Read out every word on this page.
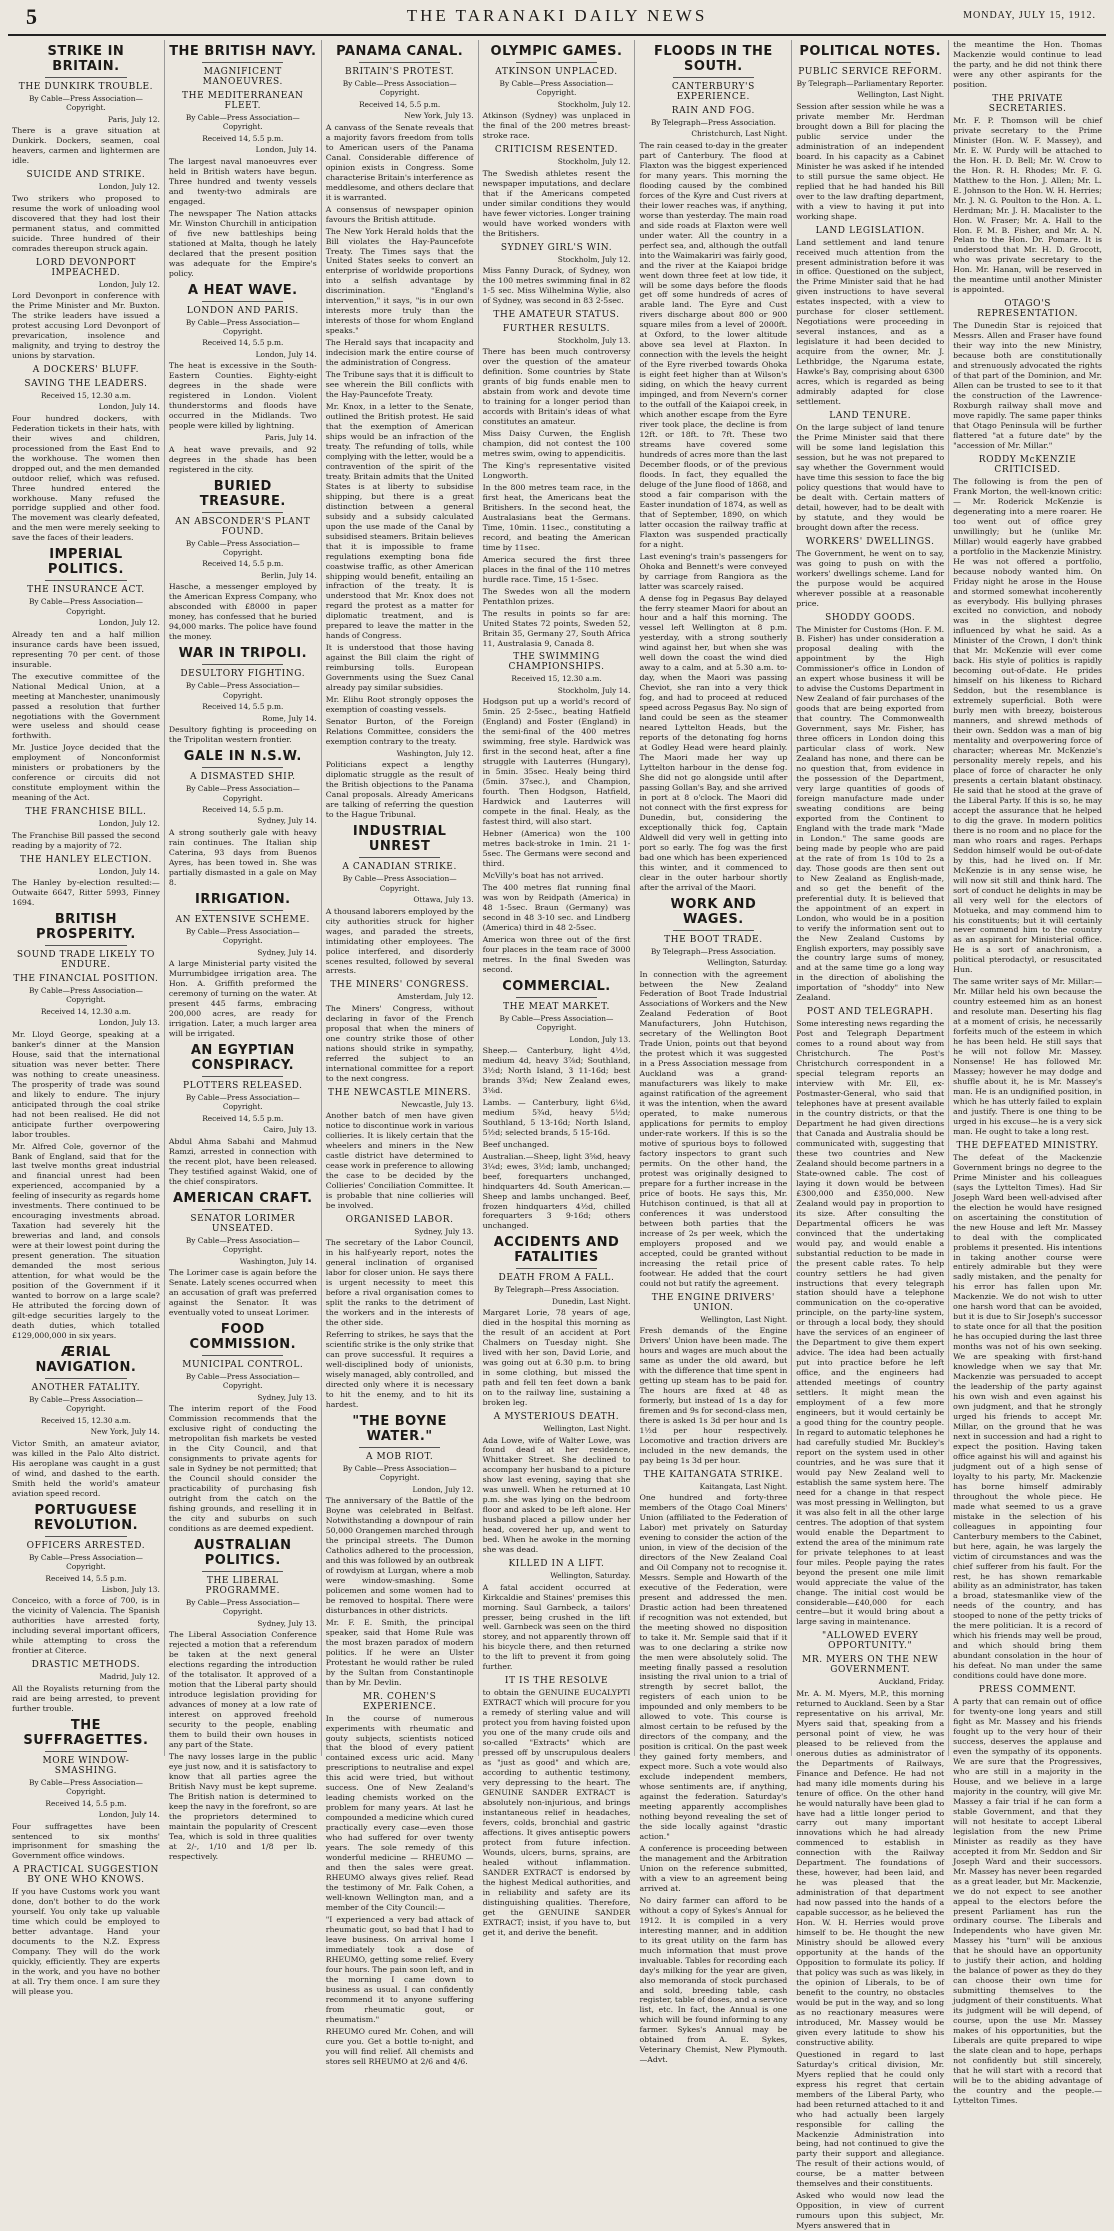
5	THE TARANAKI DAILY NEWS	MONDAY, JULY 15, 1912.
STRIKE IN BRITAIN.
THE DUNKIRK TROUBLE.

By Cable—Press Association—Copyright.

Paris, July 12.

There is a grave situation at Dunkirk. Dockers, seamen, coal heavers, carmen and lightermen are idle.

SUICIDE AND STRIKE.

London, July 12.

Two strikers who proposed to resume the work of unloading wool discovered that they had lost their permanent status, and committed suicide. Three hundred of their comrades thereupon struck again.

LORD DEVONPORT IMPEACHED.

London, July 12.

Lord Devonport in conference with the Prime Minister and Mr. Buxton. The strike leaders have issued a protest accusing Lord Devonport of prevarication, insolence and malignity, and trying to destroy the unions by starvation.

A DOCKERS' BLUFF.
SAVING THE LEADERS.

Received 15, 12.30 a.m.

London, July 14.

Four hundred dockers, with Federation tickets in their hats, with their wives and children, processioned from the East End to the workhouse. The women then dropped out, and the men demanded outdoor relief, which was refused. Three hundred entered the workhouse. Many refused the porridge supplied and other food. The movement was clearly defeated, and the men were merely seeking to save the faces of their leaders.

IMPERIAL POLITICS.
THE INSURANCE ACT.

By Cable—Press Association—Copyright.

London, July 12.

Already ten and a half million insurance cards have been issued, representing 70 per cent. of those insurable.

The executive committee of the National Medical Union, at a meeting at Manchester, unanimously passed a resolution that further negotiations with the Government were useless and should cease forthwith.

Mr. Justice Joyce decided that the employment of Nonconformist ministers or probationers by the conference or circuits did not constitute employment within the meaning of the Act.

THE FRANCHISE BILL.

London, July 12.

The Franchise Bill passed the second reading by a majority of 72.

THE HANLEY ELECTION.

London, July 14.

The Hanley by-election resulted:— Outwaite 6647, Ritter 5993, Finney 1694.

BRITISH PROSPERITY.
SOUND TRADE LIKELY TO ENDURE.
THE FINANCIAL POSITION.

By Cable—Press Association—Copyright.

Received 14, 12.30 a.m.

London, July 13.

Mr. Lloyd George, speaking at a banker's dinner at the Mansion House, said that the international situation was never better. There was nothing to create uneasiness. The prosperity of trade was sound and likely to endure. The injury anticipated through the coal strike had not been realised. He did not anticipate further overpowering labor troubles.

Mr. Alfred Cole, governor of the Bank of England, said that for the last twelve months great industrial and financial unrest had been experienced, accompanied by a feeling of insecurity as regards home investments. There continued to be encouraging investments abroad. Taxation had severely hit the brewerias and land, and consols were at their lowest point during the present generation. The situation demanded the most serious attention, for what would be the position of the Government if it wanted to borrow on a large scale? He attributed the forcing down of gilt-edge securities largely to the death duties, which totalled £129,000,000 in six years.

ÆRIAL NAVIGATION.
ANOTHER FATALITY.

By Cable—Press Association—Copyright.

Received 15, 12.30 a.m.

New York, July 14.

Victor Smith, an amateur aviator, was killed in the Palo Alto district. His aeroplane was caught in a gust of wind, and dashed to the earth. Smith held the world's amateur aviation speed record.

PORTUGUESE REVOLUTION.
OFFICERS ARRESTED.

By Cable—Press Association—Copyright.

Received 14, 5.5 p.m.

Lisbon, July 13.

Conceico, with a force of 700, is in the vicinity of Valencia. The Spanish authorities have arrested forty, including several important officers, while attempting to cross the frontier at Citerce.

DRASTIC METHODS.

Madrid, July 12.

All the Royalists returning from the raid are being arrested, to prevent further trouble.

THE SUFFRAGETTES.
MORE WINDOW-SMASHING.

By Cable—Press Association—Copyright.

Received 14, 5.5 p.m.

London, July 14.

Four suffragettes have been sentenced to six months' imprisonment for smashing the Government office windows.

A PRACTICAL SUGGESTION BY ONE WHO KNOWS.

If you have Customs work you want done, don't bother to do the work yourself. You only take up valuable time which could be employed to better advantage. Hand your documents to the N.Z. Express Company. They will do the work quickly, efficiently. They are experts in the work, and you have no bother at all. Try them once. I am sure they will please you.

THE BRITISH NAVY.
MAGNIFICENT MANOEUVRES.
THE MEDITERRANEAN FLEET.

By Cable—Press Association—Copyright.

Received 14, 5.5 p.m.

London, July 14.

The largest naval manoeuvres ever held in British waters have begun. Three hundred and twenty vessels and twenty-two admirals are engaged.

The newspaper The Nation attacks Mr. Winston Churchill in anticipation of five new battleships being stationed at Malta, though he lately declared that the present position was adequate for the Empire's policy.

A HEAT WAVE.
LONDON AND PARIS.

By Cable—Press Association—Copyright.

Received 14, 5.5 p.m.

London, July 14.

The heat is excessive in the South-Eastern Counties. Eighty-eight degrees in the shade were registered in London. Violent thunderstorms and floods have occurred in the Midlands. Two people were killed by lightning.

Paris, July 14.

A heat wave prevails, and 92 degrees in the shade has been registered in the city.

BURIED TREASURE.
AN ABSCONDER'S PLANT FOUND.

By Cable—Press Association—Copyright.

Received 14, 5.5 p.m.

Berlin, July 14.

Hasche, a messenger employed by the American Express Company, who absconded with £8000 in paper money, has confessed that he buried 94,000 marks. The police have found the money.

WAR IN TRIPOLI.
DESULTORY FIGHTING.

By Cable—Press Association—Copyright.

Received 14, 5.5 p.m.

Rome, July 14.

Desultory fighting is proceeding on the Tripolitan western frontier.

GALE IN N.S.W.
A DISMASTED SHIP.

By Cable—Press Association—Copyright.

Received 14, 5.5 p.m.

Sydney, July 14.

A strong southerly gale with heavy rain continues. The Italian ship Caterina, 93 days from Buenos Ayres, has been towed in. She was partially dismasted in a gale on May 8.

IRRIGATION.
AN EXTENSIVE SCHEME.

By Cable—Press Association—Copyright.

Sydney, July 14.

A large Ministerial party visited the Murrumbidgee irrigation area. The Hon. A. Griffith preformed the ceremony of turning on the water. At present 445 farms, embracing 200,000 acres, are ready for irrigation. Later, a much larger area will be irrigated.

AN EGYPTIAN CONSPIRACY.
PLOTTERS RELEASED.

By Cable—Press Association—Copyright.

Received 14, 5.5 p.m.

Cairo, July 13.

Abdul Ahma Sabahi and Mahmud Ramzi, arrested in connection with the recent plot, have been released. They testified against Wakid, one of the chief conspirators.

AMERICAN CRAFT.
SENATOR LORIMER UNSEATED.

By Cable—Press Association—Copyright.

Washington, July 14.

The Lorimer case is again before the Senate. Lately scenes occurred when an accusation of graft was preferred against the Senator. It was eventually voted to unseat Lorimer.

FOOD COMMISSION.
MUNICIPAL CONTROL.

By Cable—Press Association—Copyright.

Sydney, July 13.

The interim report of the Food Commission recommends that the exclusive right of conducting the metropolitan fish markets be vested in the City Council, and that consignments to private agents for sale in Sydney be not permitted; that the Council should consider the practicability of purchasing fish outright from the catch on the fishing grounds, and reselling it in the city and suburbs on such conditions as are deemed expedient.

AUSTRALIAN POLITICS.
THE LIBERAL PROGRAMME.

By Cable—Press Association—Copyright.

Sydney, July 13.

The Liberal Association Conference rejected a motion that a referendum be taken at the next general elections regarding the introduction of the totalisator. It approved of a motion that the Liberal party should introduce legislation providing for advances of money at a low rate of interest on approved freehold security to the people, enabling them to build their own houses in any part of the State.

The navy losses large in the public eye just now, and it is satisfactory to know that all parties agree the British Navy must be kept supreme. The British nation is determined to keep the navy in the forefront, so are the proprietors determined to maintain the popularity of Crescent Tea, which is sold in three qualities at 2/-, 1/10 and 1/8 per lb. respectively.

PANAMA CANAL.
BRITAIN'S PROTEST.

By Cable—Press Association—Copyright.

Received 14, 5.5 p.m.

New York, July 13.

A canvass of the Senate reveals that a majority favors freedom from tolls to American users of the Panama Canal. Considerable difference of opinion exists in Congress. Some characterise Britain's interference as meddlesome, and others declare that it is warranted.

A consensus of newspaper opinion favours the British attitude.

The New York Herald holds that the Bill violates the Hay-Pauncefote Treaty. The Times says that the United States seeks to convert an enterprise of worldwide proportions into a selfish advantage by discrimination. "England's intervention," it says, "is in our own interests more truly than the interests of those for whom England speaks."

The Herald says that incapacity and indecision mark the entire course of the administration of Congress.

The Tribune says that it is difficult to see wherein the Bill conflicts with the Hay-Pauncefote Treaty.

Mr. Knox, in a letter to the Senate, outlined the British protest. He said that the exemption of American ships would be an infraction of the treaty. The refunding of tolls, while complying with the letter, would be a contravention of the spirit of the treaty. Britain admits that the United States is at liberty to subsidise shipping, but there is a great distinction between a general subsidy and a subsidy calculated upon the use made of the Canal by subsidised steamers. Britain believes that it is impossible to frame regulations exempting bona fide coastwise traffic, as other American shipping would benefit, entailing an infraction of the treaty. It is understood that Mr. Knox does not regard the protest as a matter for diplomatic treatment, and is prepared to leave the matter in the hands of Congress.

It is understood that those having against the Bill claim the right of reimbursing tolls. European Governments using the Suez Canal already pay similar subsidies.

Mr. Elihu Root strongly opposes the exemption of coasting vessels.

Senator Burton, of the Foreign Relations Committee, considers the exemption contrary to the treaty.

Washington, July 12.

Politicians expect a lengthy diplomatic struggle as the result of the British objections to the Panama Canal proposals. Already Americans are talking of referring the question to the Hague Tribunal.

INDUSTRIAL UNREST
A CANADIAN STRIKE.

By Cable—Press Association—Copyright.

Ottawa, July 13.

A thousand laborers employed by the city authorities struck for higher wages, and paraded the streets, intimidating other employees. The police interfered, and disorderly scenes resulted, followed by several arrests.

THE MINERS' CONGRESS.

Amsterdam, July 12.

The Miners' Congress, without declaring in favor of the French proposal that when the miners of one country strike those of other nations should strike in sympathy, referred the subject to an international committee for a report to the next congress.

THE NEWCASTLE MINERS.

Newcastle, July 13.

Another batch of men have given notice to discontinue work in various collieries. It is likely certain that the wheelers and miners in the New castle district have determined to cease work in preference to allowing the case to be decided by the Collieries' Conciliation Committee. It is probable that nine collieries will be involved.

ORGANISED LABOR.

Sydney, July 13.

The secretary of the Labor Council, in his half-yearly report, notes the general inclination of organised labor for closer union. He says there is urgent necessity to meet this before a rival organisation comes to split the ranks to the detriment of the workers and in the interests of the other side.

Referring to strikes, he says that the scientific strike is the only strike that can prove successful. It requires a well-disciplined body of unionists, wisely managed, ably controlled, and directed only where it is necessary to hit the enemy, and to hit its hardest.

"THE BOYNE WATER."
A MOB RIOT.

By Cable—Press Association—Copyright.

London, July 12.

The anniversary of the Battle of the Boyne was celebrated in Belfast. Notwithstanding a downpour of rain 50,000 Orangemen marched through the principal streets. The Dumon Catholics adhered to the procession, and this was followed by an outbreak of rowdyism at Lurgan, where a mob were window-smashing. Some policemen and some women had to be removed to hospital. There were disturbances in other districts.

Mr. F. E. Smith, the principal speaker, said that Home Rule was the most brazen paradox of modern politics. If he were an Ulster Protestant he would rather be ruled by the Sultan from Constantinople than by Mr. Devlin.

MR. COHEN'S EXPERIENCE.

In the course of numerous experiments with rheumatic and gouty subjects, scientists noticed that the blood of every patient contained excess uric acid. Many prescriptions to neutralise and expel this acid were tried, but without success. One of New Zealand's leading chemists worked on the problem for many years. At last he compounded a medicine which cured practically every case—even those who had suffered for over twenty years. The sole remedy of this wonderful medicine — RHEUMO — and then the sales were great. RHEUMO always gives relief. Read the testimony of Mr. Falk Cohen, a well-known Wellington man, and a member of the City Council:—

"I experienced a very bad attack of rheumatic gout, so bad that I had to leave business. On arrival home I immediately took a dose of RHEUMO, getting some relief. Every four hours. The pain soon left, and in the morning I came down to business as usual. I can confidently recommend it to anyone suffering from rheumatic gout, or rheumatism."

RHEUMO cured Mr. Cohen, and will cure you. Get a bottle to-night, and you will find relief. All chemists and stores sell RHEUMO at 2/6 and 4/6.

OLYMPIC GAMES.
ATKINSON UNPLACED.

By Cable—Press Association—Copyright.

Stockholm, July 12.

Atkinson (Sydney) was unplaced in the final of the 200 metres breast-stroke race.

CRITICISM RESENTED.

Stockholm, July 12.

The Swedish athletes resent the newspaper imputations, and declare that if the Americans competed under similar conditions they would have fewer victories. Longer training would have worked wonders with the Britishers.

SYDNEY GIRL'S WIN.

Stockholm, July 12.

Miss Fanny Durack, of Sydney, won the 100 metres swimming final in 82 1-5 sec. Miss Wilhelmina Wylie, also of Sydney, was second in 83 2-5sec.

THE AMATEUR STATUS.
FURTHER RESULTS.

Stockholm, July 13.

There has been much controversy over the question of the amateur definition. Some countries by State grants of big funds enable men to abstain from work and devote time to training for a longer period than accords with Britain's ideas of what constitutes an amateur.

Miss Daisy Curwen, the English champion, did not contest the 100 metres swim, owing to appendicitis.

The King's representative visited Longworth.

In the 800 metres team race, in the first heat, the Americans beat the Britishers. In the second heat, the Australasians beat the Germans. Time, 10min. 11sec., constituting a record, and beating the American time by 11sec.

America secured the first three places in the final of the 110 metres hurdle race. Time, 15 1-5sec.

The Swedes won all the modern Pentathlon prizes.

The results in points so far are: United States 72 points, Sweden 52, Britain 35, Germany 27, South Africa 11, Australasia 9, Canada 8.

THE SWIMMING CHAMPIONSHIPS.

Received 15, 12.30 a.m.

Stockholm, July 14.

Hodgson put up a world's record of 5min. 25 2-5sec., beating Hatfield (England) and Foster (England) in the semi-final of the 400 metres swimming, free style. Hardwick was first in the second heat, after a fine struggle with Lauterres (Hungary), in 5min. 35sec. Healy being third (5min. 37sec.), and Champion, fourth. Then Hodgson, Hatfield, Hardwick and Lauterres will compete in the final. Healy, as the fastest third, will also start.

Hebner (America) won the 100 metres back-stroke in 1min. 21 1-5sec. The Germans were second and third.

McVilly's boat has not arrived.

The 400 metres flat running final was won by Reidpath (America) in 48 1-5sec. Braun (Germany) was second in 48 3-10 sec. and Lindberg (America) third in 48 2-5sec.

America won three out of the first four places in the team race of 3000 metres. In the final Sweden was second.

COMMERCIAL.
THE MEAT MARKET.

By Cable—Press Association—Copyright.

London, July 13.

Sheep.— Canterbury, light 4½d, medium 4d, heavy 3⅞d; Southland, 3½d; North Island, 3 11-16d; best brands 3¾d; New Zealand ewes, 3⅛d.

Lambs. — Canterbury, light 6⅛d, medium 5¾d, heavy 5½d; Southland, 5 13-16d; North Island, 5½d; selected brands, 5 15-16d.

Beef unchanged.

Australian.—Sheep, light 3⅝d, heavy 3¼d; ewes, 3½d; lamb, unchanged; beef, forequarters unchanged, hindquarters 4d. South American.—Sheep and lambs unchanged. Beef, frozen hindquarters 4½d, chilled forequarters 3 9-16d; others unchanged.

ACCIDENTS AND FATALITIES
DEATH FROM A FALL.

By Telegraph—Press Association.

Dunedin, Last Night.

Margaret Lorie, 78 years of age, died in the hospital this morning as the result of an accident at Port Chalmers on Tuesday night. She lived with her son, David Lorie, and was going out at 6.30 p.m. to bring in some clothing, but missed the path and fell ten feet down a bank on to the railway line, sustaining a broken leg.

A MYSTERIOUS DEATH.

Wellington, Last Night.

Ada Lowe, wife of Walter Lowe, was found dead at her residence, Whittaker Street. She declined to accompany her husband to a picture show last evening, saying that she was unwell. When he returned at 10 p.m. she was lying on the bedroom floor and asked to be left alone. Her husband placed a pillow under her head, covered her up, and went to bed. When he awoke in the morning she was dead.

KILLED IN A LIFT.

Wellington, Saturday.

A fatal accident occurred at Kirkcaldie and Staines' premises this morning. Saul Garnbeck, a tailors' presser, being crushed in the lift well. Garnbeck was seen on the third storey, and not apparently thrown off his bicycle there, and then returned to the lift to prevent it from going further.

IT IS THE RESOLVE

to obtain the GENUINE EUCALYPTI EXTRACT which will procure for you a remedy of sterling value and will protect you from having foisted upon you one of the many crude oils and so-called "Extracts" which are pressed off by unscrupulous dealers as "just as good" and which are, according to authentic testimony, very depressing to the heart. The GENUINE SANDER EXTRACT is absolutely non-injurious, and brings instantaneous relief in headaches, fevers, colds, bronchial and gastric affections. It gives antiseptic powers protect from future infection. Wounds, ulcers, burns, sprains, are healed without inflammation. SANDER EXTRACT is endorsed by the highest Medical authorities, and in reliability and safety are its distinguishing qualities. Therefore, get the GENUINE SANDER EXTRACT; insist, if you have to, but get it, and derive the benefit.

FLOODS IN THE SOUTH.
CANTERBURY'S EXPERIENCE.
RAIN AND FOG.

By Telegraph—Press Association.

Christchurch, Last Night.

The rain ceased to-day in the greater part of Canterbury. The flood at Flaxton was the biggest experienced for many years. This morning the flooding caused by the combined forces of the Kyre and Cust rivers at their lower reaches was, if anything, worse than yesterday. The main road and side roads at Flaxton were well under water. All the country in a perfect sea, and, although the outfall into the Waimakariri was fairly good, and the river at the Kaiapoi bridge went down three feet at low tide, it will be some days before the floods get off some hundreds of acres of arable land. The Eyre and Cust rivers discharge about 800 or 900 square miles from a level of 2000ft. at Oxford, to the lower altitude above sea level at Flaxton. In connection with the levels the height of the Eyre riverbed towards Ohoka is eight feet higher than at Wilson's siding, on which the heavy current impinged, and from Nevern's corner to the outfall of the Kaiapoi creek, in which another escape from the Eyre river took place, the decline is from 12ft. or 18ft. to 7ft. These two streams have covered some hundreds of acres more than the last December floods, or of the previous floods. In fact, they equalled the deluge of the June flood of 1868, and stood a fair comparison with the Easter inundation of 1874, as well as that of September, 1890, on which latter occasion the railway traffic at Flaxton was suspended practically for a night.

Last evening's train's passengers for Ohoka and Bennett's were conveyed by carriage from Rangiora as the latter was scarcely raised.

A dense fog in Pegasus Bay delayed the ferry steamer Maori for about an hour and a half this morning. The vessel left Wellington at 8 p.m. yesterday, with a strong southerly wind against her, but when she was well down the coast the wind died away to a calm, and at 5.30 a.m. to-day, when the Maori was passing Cheviot, she ran into a very thick fog, and had to proceed at reduced speed across Pegasus Bay. No sign of land could be seen as the steamer neared Lyttelton Heads, but the reports of the detonating fog horns at Godley Head were heard plainly. The Maori made her way up Lyttelton harbour in the dense fog. She did not go alongside until after passing Gollan's Bay, and she arrived in port at 8 o'clock. The Maori did not connect with the first express for Dunedin, but, considering the exceptionally thick fog, Captain Aldwell did very well in getting into port so early. The fog was the first bad one which has been experienced this winter, and it commenced to clear in the outer harbour shortly after the arrival of the Maori.

WORK AND WAGES.
THE BOOT TRADE.

By Telegraph—Press Association.

Wellington, Saturday.

In connection with the agreement between the New Zealand Federation of Boot Trade Industrial Associations of Workers and the New Zealand Federation of Boot Manufacturers, John Hutchison, secretary of the Wellington Boot Trade Union, points out that beyond the protest which it was suggested in a Press Association message from Auckland was a grand-manufacturers was likely to make against ratification of the agreement it was the intention, when the award operated, to make numerous applications for permits to employ under-rate workers. If this is so the motive of spurious boys to followed factory inspectors to grant such permits. On the other hand, the protest was originally designed to prepare for a further increase in the price of boots. He says this, Mr. Hutchison continued, is that all at conferences it was understood between both parties that the increase of 2s per week, which the employers proposed and we accepted, could be granted without increasing the retail price of footwear. He added that the court could not but ratify the agreement.

THE ENGINE DRIVERS' UNION.

Wellington, Last Night.

Fresh demands of the Engine Drivers' Union have been made. The hours and wages are much about the same as under the old award, but with the difference that time spent in getting up steam has to be paid for. The hours are fixed at 48 as formerly, but instead of 1s a day for firemen and 9s for second-class men, there is asked 1s 3d per hour and 1s 1½d per hour respectively. Locomotive and traction drivers are included in the new demands, the pay being 1s 3d per hour.

THE KAITANGATA STRIKE.

Kaitangata, Last Night.

One hundred and forty-three members of the Otago Coal Miners' Union (affiliated to the Federation of Labor) met privately on Saturday evening to consider the action of the union, in view of the decision of the directors of the New Zealand Coal and Oil Company not to recognise it. Messrs. Semple and Howarth of the executive of the Federation, were present and addressed the men. Drastic action had been threatened if recognition was not extended, but the meeting showed no disposition to take it. Mr. Semple said that if it was to one declaring a strike now the men were absolutely solid. The meeting finally passed a resolution insisting the rival union to a trial of strength by secret ballot, the registers of each union to be impounded and only members to be allowed to vote. This course is almost certain to be refused by the directors of the company, and the position is critical. On the past week they gained forty members, and expect more. Such a vote would also exclude independent members, whose sentiments are, if anything, against the federation. Saturday's meeting apparently accomplishes nothing beyond revealing the set of the side locally against "drastic action."

A conference is proceeding between the management and the Arbitration Union on the reference submitted, with a view to an agreement being arrived at.

No dairy farmer can afford to be without a copy of Sykes's Annual for 1912. It is compiled in a very interesting manner, and in addition to its great utility on the farm has much information that must prove invaluable. Tables for recording each day's milking for the year are given, also memoranda of stock purchased and sold, breeding table, cash register, table of doses, and a service list, etc. In fact, the Annual is one which will be found informing to any farmer. Sykes's Annual may be obtained from A. E. Sykes, Veterinary Chemist, New Plymouth.—Advt.

POLITICAL NOTES.
PUBLIC SERVICE REFORM.

By Telegraph—Parliamentary Reporter.

Wellington, Last Night.

Session after session while he was a private member Mr. Herdman brought down a Bill for placing the public service under the administration of an independent board. In his capacity as a Cabinet Minister he was asked if he intended to still pursue the same object. He replied that he had handed his Bill over to the law drafting department, with a view to having it put into working shape.

LAND LEGISLATION.

Land settlement and land tenure received much attention from the present administration before it was in office. Questioned on the subject, the Prime Minister said that he had given instructions to have several estates inspected, with a view to purchase for closer settlement. Negotiations were proceeding in several instances, and as a legislature it had been decided to acquire from the owner, Mr. J. Lethbridge, the Ngaruma estate, Hawke's Bay, comprising about 6300 acres, which is regarded as being admirably adapted for close settlement.

LAND TENURE.

On the large subject of land tenure the Prime Minister said that there will be some land legislation this session, but he was not prepared to say whether the Government would have time this session to face the big policy questions that would have to be dealt with. Certain matters of detail, however, had to be dealt with by statute, and they would be brought down after the recess.

WORKERS' DWELLINGS.

The Government, he went on to say, was going to push on with the workers' dwellings scheme. Land for the purpose would be acquired wherever possible at a reasonable price.

SHODDY GOODS.

The Minister for Customs (Hon. F. M. B. Fisher) has under consideration a proposal dealing with the appointment by the High Commissioner's office in London of an expert whose business it will be to advise the Customs Department in New Zealand of fair purchases of the goods that are being exported from that country. The Commonwealth Government, says Mr. Fisher, has three officers in London doing this particular class of work. New Zealand has none, and there can be no question that, from evidence in the possession of the Department, very large quantities of goods of foreign manufacture made under sweating conditions are being exported from the Continent to England with the trade mark "Made in London." The same goods are being made by people who are paid at the rate of from 1s 10d to 2s a day. Those goods are then sent out to New Zealand as English-made, and so get the benefit of the preferential duty. It is believed that the appointment of an expert in London, who would be in a position to verify the information sent out to the New Zealand Customs by English exporters, may possibly save the country large sums of money, and at the same time go a long way in the direction of abolishing the importation of "shoddy" into New Zealand.

POST AND TELEGRAPH.

Some interesting news regarding the Post and Telegraph Department comes to a round about way from Christchurch. The Post's Christchurch correspondent in a special telegram reports an interview with Mr. Ell, ex-Postmaster-General, who said that telephones have at present available in the country districts, or that the Department he had given directions that Canada and Australia should be communicated with, suggesting that these two countries and New Zealand should become partners in a State-owned cable. The cost of laying it down would be between £300,000 and £350,000. New Zealand would pay in proportion to its size. After consulting the Departmental officers he was convinced that the undertaking would pay, and would enable a substantial reduction to be made in the present cable rates. To help country settlers he had given instructions that every telegraph station should have a telephone communication on the co-operative principle, on the party-line system, or through a local body, they should have the services of an engineer of the Department to give them expert advice. The idea had been actually put into practice before he left office, and the engineers had attended meetings of country settlers. It might mean the employment of a few more engineers, but it would certainly be a good thing for the country people. In regard to automatic telephones he had carefully studied Mr. Buckley's report on the system used in other countries, and he was sure that it would pay New Zealand well to establish the same system here. The need for a change in that respect was most pressing in Wellington, but it was also felt in all the other large centres. The adoption of that system would enable the Department to extend the area of the minimum rate for private telephones to at least four miles. People paying the rates beyond the present one mile limit would appreciate the value of the change. The initial cost would be considerable—£40,000 for each centre—but it would bring about a large saving in maintenance.

"ALLOWED EVERY OPPORTUNITY."
MR. MYERS ON THE NEW GOVERNMENT.

Auckland, Friday.

Mr. A. M. Myers, M.P., this morning returned to Auckland. Seen by a Star representative on his arrival, Mr. Myers said that, speaking from a personal point of view, he was pleased to be relieved from the onerous duties as administrator of the Departments of Railways, Finance and Defence. He had not had many idle moments during his tenure of office. On the other hand he would naturally have been glad to have had a little longer period to carry out many important innovations which he had already commenced to establish in connection with the Railway Department. The foundations of these, however, had been laid, and he was pleased that the administration of that department had now passed into the hands of a capable successor, as he believed the Hon. W. H. Herries would prove himself to be. He thought the new Ministry should be allowed every opportunity at the hands of the Opposition to formulate its policy. If that policy was such as was likely, in the opinion of Liberals, to be of benefit to the country, no obstacles would be put in the way, and so long as no reactionary measures were introduced, Mr. Massey would be given every latitude to show his constructive ability.

Questioned in regard to last Saturday's critical division, Mr. Myers replied that he could only express his regret that certain members of the Liberal Party, who had been returned attached to it and who had actually been largely responsible for calling the Mackenzie Administration into being, had not continued to give the party their support and allegiance. The result of their actions would, of course, be a matter between themselves and their constituents.

Asked who would now lead the Opposition, in view of current rumours upon this subject, Mr. Myers answered that in

the meantime the Hon. Thomas Mackenzie would continue to lead the party, and he did not think there were any other aspirants for the position.

THE PRIVATE SECRETARIES.

Mr. F. P. Thomson will be chief private secretary to the Prime Minister (Hon. W. F. Massey), and Mr. E. W. Purdy will be attached to the Hon. H. D. Bell; Mr. W. Crow to the Hon. R. H. Rhodes; Mr. F. G. Matthew to the Hon. J. Allen; Mr. L. E. Johnson to the Hon. W. H. Herries; Mr. J. N. G. Poulton to the Hon. A. L. Herdman; Mr. J. H. Macalister to the Hon. W. Fraser; Mr. A. Hall to the Hon. F. M. B. Fisher, and Mr. A. N. Pelan to the Hon. Dr. Pomare. It is understood that Mr. H. D. Grocott, who was private secretary to the Hon. Mr. Hanan, will be reserved in the meantime until another Minister is appointed.

OTAGO'S REPRESENTATION.

The Dunedin Star is rejoiced that Messrs. Allen and Fraser have found their way into the new Ministry, because both are constitutionally and strenuously advocated the rights of that part of the Dominion, and Mr. Allen can be trusted to see to it that the construction of the Lawrence-Roxburgh railway shall move and move rapidly. The same paper thinks that Otago Peninsula will be further flattered "at a future date" by the "accession of Mr. Millar."

RODDY McKENZIE CRITICISED.

The following is from the pen of Frank Morton, the well-known critic:— Mr. Roderick McKenzie is degenerating into a mere roarer. He too went out of office grey unwillingly; but he (unlike Mr. Millar) would eagerly have grabbed a portfolio in the Mackenzie Ministry. He was not offered a portfolio, because nobody wanted him. On Friday night he arose in the House and stormed somewhat incoherently as everybody. His bullying phrases excited no conviction, and nobody was in the slightest degree influenced by what he said. As a Minister of the Crown, I don't think that Mr. McKenzie will ever come back. His style of politics is rapidly becoming out-of-date. He prides himself on his likeness to Richard Seddon, but the resemblance is extremely superficial. Both were burly men with breezy, boisterous manners, and shrewd methods of their own. Seddon was a man of big mentality and overpowering force of character; whereas Mr. McKenzie's personality merely repels, and his place of force of character he only presents a certain blatant obstinacy. He said that he stood at the grave of the Liberal Party. If this is so, he may accept the assurance that he helped to dig the grave. In modern politics there is no room and no place for the man who roars and rages. Perhaps Seddon himself would be out-of-date by this, had he lived on. If Mr. McKenzie is in any sense wise, he will now sit still and think hard. The sort of conduct he delights in may be all very well for the electors of Motueka, and may commend him to his constituents; but it will certainly never commend him to the country as an aspirant for Ministerial office. He is a sort of anachronism, a political pterodactyl, or resuscitated Hun.

The same writer says of Mr. Millar:— Mr. Millar held his own because the country esteemed him as an honest and resolute man. Deserting his flag at a moment of crisis, he necessarily forfeits much of the esteem in which he has been held. He still says that he will not follow Mr. Massey. Nonsense! He has followed Mr. Massey; however he may dodge and shuffle about it, he is Mr. Massey's man. He is an undignified position, in which he has utterly failed to explain and justify. There is one thing to be urged in his excuse—he is a very sick man. He ought to take a long rest.

THE DEFEATED MINISTRY.

The defeat of the Mackenzie Government brings no degree to the Prime Minister and his colleagues (says the Lyttelton Times). Had Sir Joseph Ward been well-advised after the election he would have resigned on ascertaining the constitution of the new House and left Mr. Massey to deal with the complicated problems it presented. His intentions in taking another course were entirely admirable but they were sadly mistaken, and the penalty for his error has fallen upon Mr. Mackenzie. We do not wish to utter one harsh word that can be avoided, but it is due to Sir Joseph's successor to state once for all that the position he has occupied during the last three months was not of his own seeking. We are speaking with first-hand knowledge when we say that Mr. Mackenzie was persuaded to accept the leadership of the party against his own wish and even against his own judgment, and that he strongly urged his friends to accept Mr. Millar, on the ground that he was next in succession and had a right to expect the position. Having taken office against his will and against his judgment out of a high sense of loyalty to his party, Mr. Mackenzie has borne himself admirably throughout the whole piece. He made what seemed to us a grave mistake in the selection of his colleagues in appointing four Canterbury members to the Cabinet, but here, again, he was largely the victim of circumstances and was the chief sufferer from his fault. For the rest, he has shown remarkable ability as an administrator, has taken a broad, statesmanlike view of the needs of the country, and has stooped to none of the petty tricks of the mere politician. It is a record of which his friends may well be proud, and which should bring them abundant consolation in the hour of his defeat. No man under the same conditions could have done more.

PRESS COMMENT.

A party that can remain out of office for twenty-one long years and still fight as Mr. Massey and his friends fought up to the very hour of their success, deserves the applause and even the sympathy of its opponents. We are sure that the Progressives, who are still in a majority in the House, and we believe in a large majority in the country, will give Mr. Massey a fair trial if he can form a stable Government, and that they will not hesitate to accept Liberal legislation from the new Prime Minister as readily as they have accepted it from Mr. Seddon and Sir Joseph Ward and their successors. Mr. Massey has never been regarded as a great leader, but Mr. Mackenzie, we do not expect to see another appeal to the electors before the present Parliament has run the ordinary course. The Liberals and Independents who have given Mr. Massey his "turn" will be anxious that he should have an opportunity to justify their action, and holding the balance of power as they do they can choose their own time for submitting themselves to the judgment of their constituents. What its judgment will be will depend, of course, upon the use Mr. Massey makes of his opportunities, but the Liberals are quite prepared to wipe the slate clean and to hope, perhaps not confidently but still sincerely, that he will start with a record that will be to the abiding advantage of the country and the people.—Lyttelton Times.
